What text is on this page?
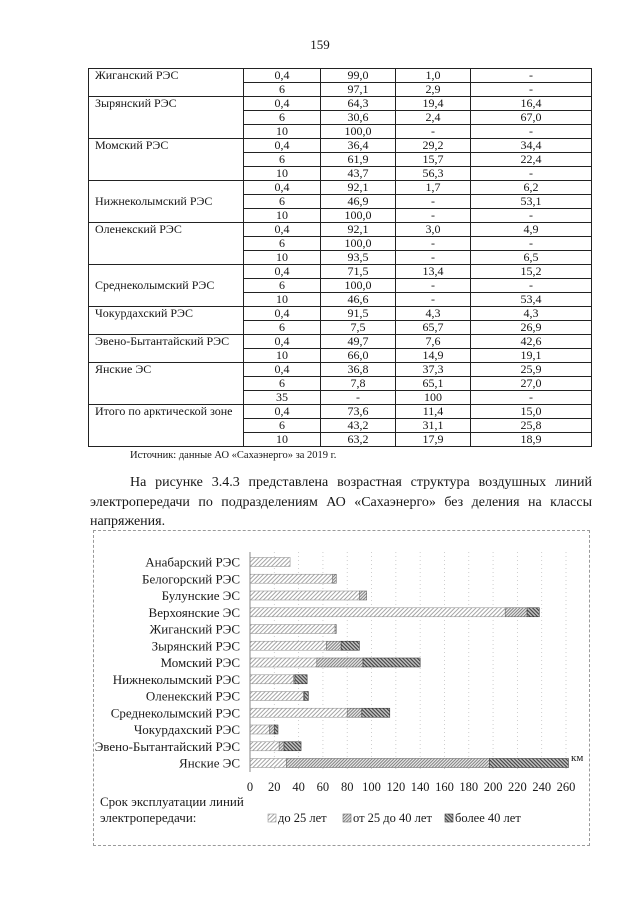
159
Жиганский РЭС	0,4	99,0	1,0	-
	6	97,1	2,9	-
Зырянский РЭС	0,4	64,3	19,4	16,4
	6	30,6	2,4	67,0
	10	100,0	-	-
Момский РЭС	0,4	36,4	29,2	34,4
	6	61,9	15,7	22,4
	10	43,7	56,3	-
Нижнеколымский РЭС	0,4	92,1	1,7	6,2
	6	46,9	-	53,1
	10	100,0	-	-
Оленекский РЭС	0,4	92,1	3,0	4,9
	6	100,0	-	-
	10	93,5	-	6,5
Среднеколымский РЭС	0,4	71,5	13,4	15,2
	6	100,0	-	-
	10	46,6	-	53,4
Чокурдахский РЭС	0,4	91,5	4,3	4,3
	6	7,5	65,7	26,9
Эвено-Бытантайский РЭС	0,4	49,7	7,6	42,6
	10	66,0	14,9	19,1
Янские ЭС	0,4	36,8	37,3	25,9
	6	7,8	65,1	27,0
	35	-	100	-
Итого по арктической зоне	0,4	73,6	11,4	15,0
	6	43,2	31,1	25,8
	10	63,2	17,9	18,9
Источник: данные АО «Сахаэнерго» за 2019 г.
На рисунке 3.4.3 представлена возрастная структура воздушных линий
электропередачи по подразделениям АО «Сахаэнерго» без деления на классы
напряжения.
Анабарский РЭС
Белогорский РЭС
Булунские ЭС
Верхоянские ЭС
Жиганский РЭС
Зырянский РЭС
Момский РЭС
Нижнеколымский РЭС
Оленекский РЭС
Среднеколымский РЭС
Чокурдахский РЭС
Эвено-Бытантайский РЭС
Янские ЭС
0 20 40 60 80 100 120 140 160 180 200 220 240 260
км
Срок эксплуатации линий
электропередачи:	до 25 лет от 25 до 40 лет более 40 лет
